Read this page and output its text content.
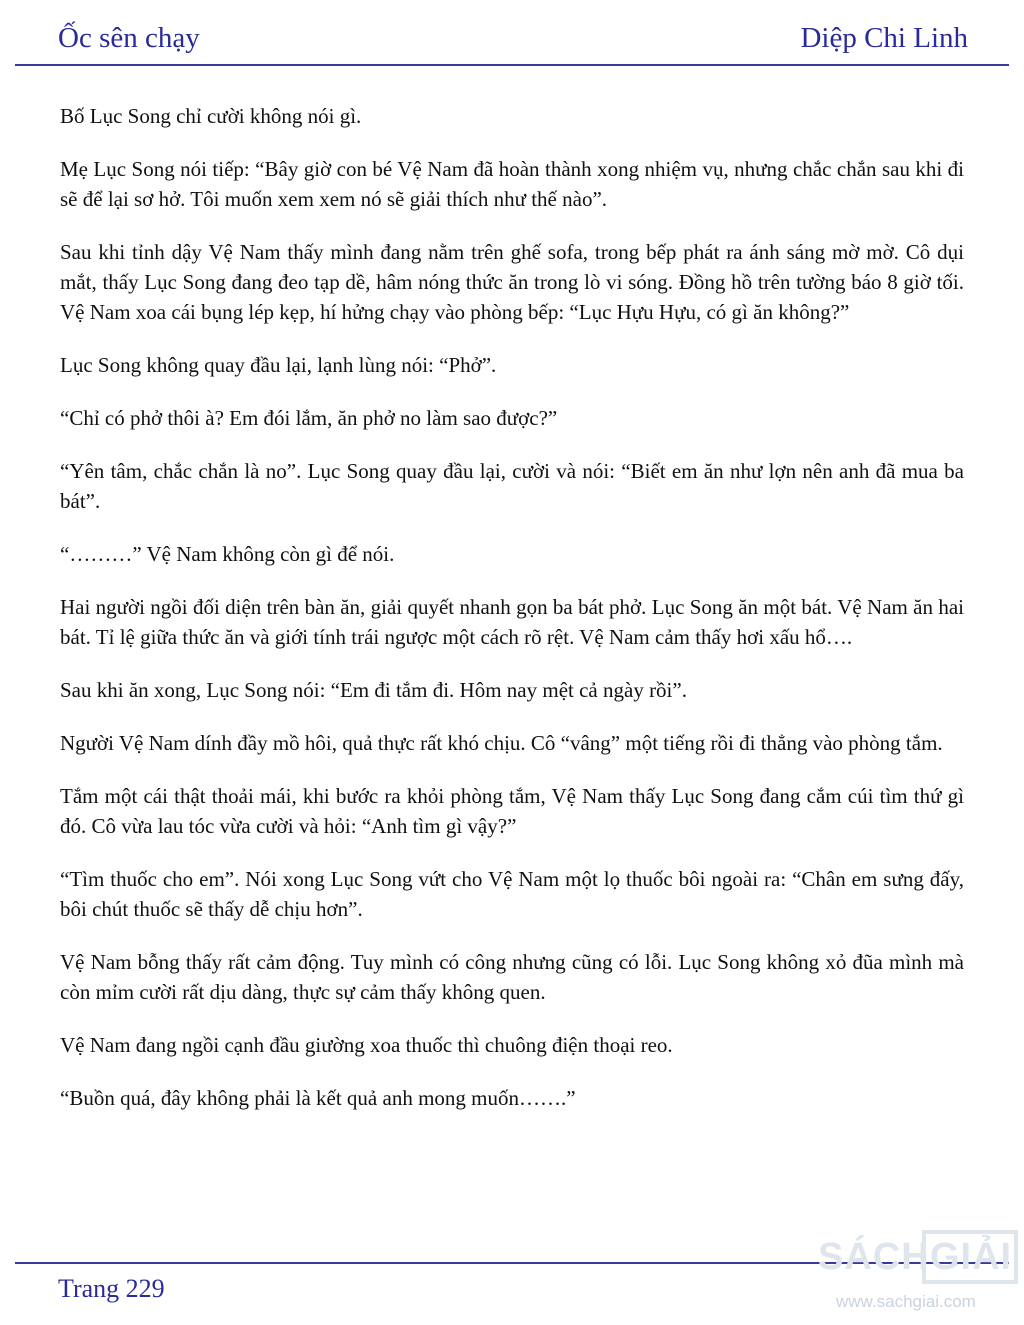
Ốc sên chạy	Diệp Chi Linh

Bố Lục Song chỉ cười không nói gì.

Mẹ Lục Song nói tiếp: “Bây giờ con bé Vệ Nam đã hoàn thành xong nhiệm vụ, nhưng chắc chắn sau khi đi sẽ để lại sơ hở. Tôi muốn xem xem nó sẽ giải thích như thế nào”.

Sau khi tỉnh dậy Vệ Nam thấy mình đang nằm trên ghế sofa, trong bếp phát ra ánh sáng mờ mờ. Cô dụi mắt, thấy Lục Song đang đeo tạp dề, hâm nóng thức ăn trong lò vi sóng. Đồng hồ trên tường báo 8 giờ tối. Vệ Nam xoa cái bụng lép kẹp, hí hửng chạy vào phòng bếp: “Lục Hựu Hựu, có gì ăn không?”

Lục Song không quay đầu lại, lạnh lùng nói: “Phở”.

“Chỉ có phở thôi à? Em đói lắm, ăn phở no làm sao được?”

“Yên tâm, chắc chắn là no”. Lục Song quay đầu lại, cười và nói: “Biết em ăn như lợn nên anh đã mua ba bát”.

“………” Vệ Nam không còn gì để nói.

Hai người ngồi đối diện trên bàn ăn, giải quyết nhanh gọn ba bát phở. Lục Song ăn một bát. Vệ Nam ăn hai bát. Tỉ lệ giữa thức ăn và giới tính trái ngược một cách rõ rệt. Vệ Nam cảm thấy hơi xấu hổ….

Sau khi ăn xong, Lục Song nói: “Em đi tắm đi. Hôm nay mệt cả ngày rồi”.

Người Vệ Nam dính đầy mồ hôi, quả thực rất khó chịu. Cô “vâng” một tiếng rồi đi thẳng vào phòng tắm.

Tắm một cái thật thoải mái, khi bước ra khỏi phòng tắm, Vệ Nam thấy Lục Song đang cắm cúi tìm thứ gì đó. Cô vừa lau tóc vừa cười và hỏi: “Anh tìm gì vậy?”

“Tìm thuốc cho em”. Nói xong Lục Song vứt cho Vệ Nam một lọ thuốc bôi ngoài ra: “Chân em sưng đấy, bôi chút thuốc sẽ thấy dễ chịu hơn”.

Vệ Nam bỗng thấy rất cảm động. Tuy mình có công nhưng cũng có lỗi. Lục Song không xỏ đũa mình mà còn mỉm cười rất dịu dàng, thực sự cảm thấy không quen.

Vệ Nam đang ngồi cạnh đầu giường xoa thuốc thì chuông điện thoại reo.

“Buồn quá, đây không phải là kết quả anh mong muốn…….”

Trang 229
SÁCH GIẢI
www.sachgiai.com
